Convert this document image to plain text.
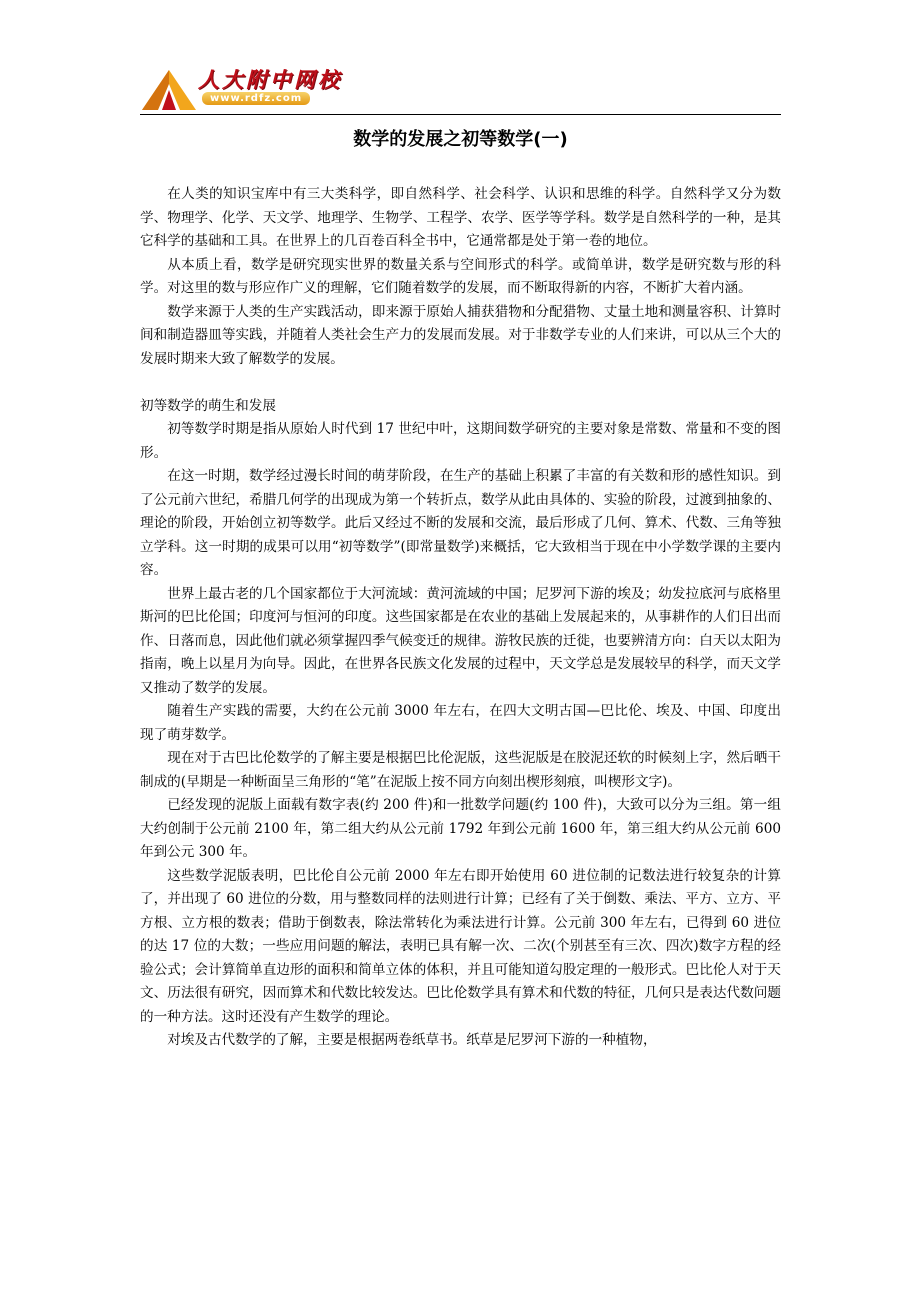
人大附中网校
www.rdfz.com
数学的发展之初等数学(一)

在人类的知识宝库中有三大类科学，即自然科学、社会科学、认识和思维的科学。自然科学又分为数学、物理学、化学、天文学、地理学、生物学、工程学、农学、医学等学科。数学是自然科学的一种，是其它科学的基础和工具。在世界上的几百卷百科全书中，它通常都是处于第一卷的地位。

从本质上看，数学是研究现实世界的数量关系与空间形式的科学。或简单讲，数学是研究数与形的科学。对这里的数与形应作广义的理解，它们随着数学的发展，而不断取得新的内容，不断扩大着内涵。

数学来源于人类的生产实践活动，即来源于原始人捕获猎物和分配猎物、丈量土地和测量容积、计算时间和制造器皿等实践，并随着人类社会生产力的发展而发展。对于非数学专业的人们来讲，可以从三个大的发展时期来大致了解数学的发展。

初等数学的萌生和发展

初等数学时期是指从原始人时代到 17 世纪中叶，这期间数学研究的主要对象是常数、常量和不变的图形。

在这一时期，数学经过漫长时间的萌芽阶段，在生产的基础上积累了丰富的有关数和形的感性知识。到了公元前六世纪，希腊几何学的出现成为第一个转折点，数学从此由具体的、实验的阶段，过渡到抽象的、理论的阶段，开始创立初等数学。此后又经过不断的发展和交流，最后形成了几何、算术、代数、三角等独立学科。这一时期的成果可以用“初等数学”(即常量数学)来概括，它大致相当于现在中小学数学课的主要内容。

世界上最古老的几个国家都位于大河流域：黄河流域的中国；尼罗河下游的埃及；幼发拉底河与底格里斯河的巴比伦国；印度河与恒河的印度。这些国家都是在农业的基础上发展起来的，从事耕作的人们日出而作、日落而息，因此他们就必须掌握四季气候变迁的规律。游牧民族的迁徙，也要辨清方向：白天以太阳为指南，晚上以星月为向导。因此，在世界各民族文化发展的过程中，天文学总是发展较早的科学，而天文学又推动了数学的发展。

随着生产实践的需要，大约在公元前 3000 年左右，在四大文明古国—巴比伦、埃及、中国、印度出现了萌芽数学。

现在对于古巴比伦数学的了解主要是根据巴比伦泥版，这些泥版是在胶泥还软的时候刻上字，然后晒干制成的(早期是一种断面呈三角形的“笔”在泥版上按不同方向刻出楔形刻痕，叫楔形文字)。

已经发现的泥版上面载有数字表(约 200 件)和一批数学问题(约 100 件)，大致可以分为三组。第一组大约创制于公元前 2100 年，第二组大约从公元前 1792 年到公元前 1600 年，第三组大约从公元前 600 年到公元 300 年。

这些数学泥版表明，巴比伦自公元前 2000 年左右即开始使用 60 进位制的记数法进行较复杂的计算了，并出现了 60 进位的分数，用与整数同样的法则进行计算；已经有了关于倒数、乘法、平方、立方、平方根、立方根的数表；借助于倒数表，除法常转化为乘法进行计算。公元前 300 年左右，已得到 60 进位的达 17 位的大数；一些应用问题的解法，表明已具有解一次、二次(个别甚至有三次、四次)数字方程的经验公式；会计算简单直边形的面积和简单立体的体积，并且可能知道勾股定理的一般形式。巴比伦人对于天文、历法很有研究，因而算术和代数比较发达。巴比伦数学具有算术和代数的特征，几何只是表达代数问题的一种方法。这时还没有产生数学的理论。

对埃及古代数学的了解，主要是根据两卷纸草书。纸草是尼罗河下游的一种植物，
